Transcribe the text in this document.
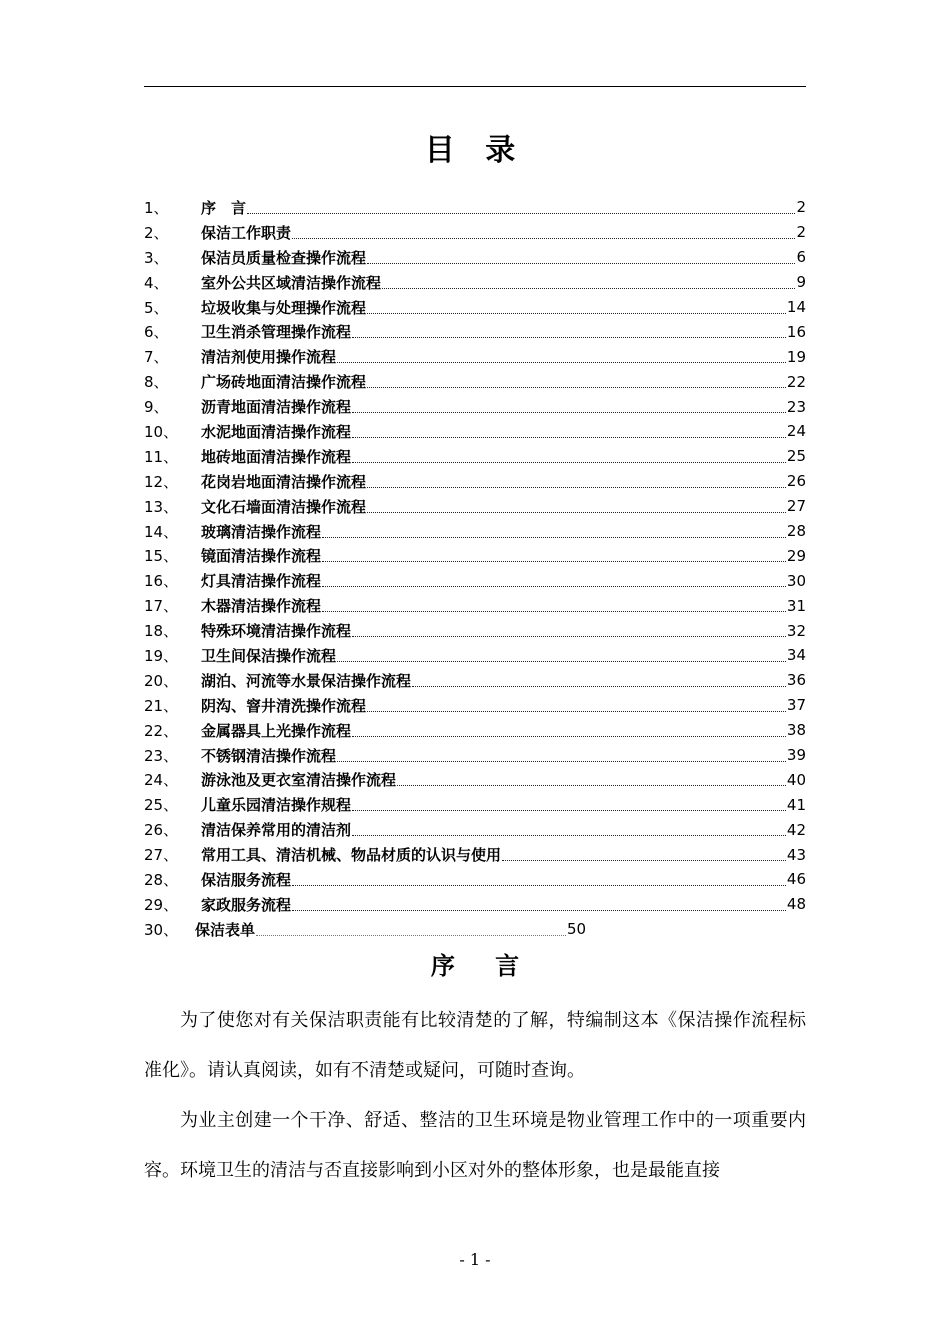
目 录
1、	序　言	2
2、	保洁工作职责	2
3、	保洁员质量检查操作流程	6
4、	室外公共区域清洁操作流程	9
5、	垃圾收集与处理操作流程	14
6、	卫生消杀管理操作流程	16
7、	清洁剂使用操作流程	19
8、	广场砖地面清洁操作流程	22
9、	沥青地面清洁操作流程	23
10、	水泥地面清洁操作流程	24
11、	地砖地面清洁操作流程	25
12、	花岗岩地面清洁操作流程	26
13、	文化石墙面清洁操作流程	27
14、	玻璃清洁操作流程	28
15、	镜面清洁操作流程	29
16、	灯具清洁操作流程	30
17、	木器清洁操作流程	31
18、	特殊环境清洁操作流程	32
19、	卫生间保洁操作流程	34
20、	湖泊、河流等水景保洁操作流程	36
21、	阴沟、窨井清洗操作流程	37
22、	金属器具上光操作流程	38
23、	不锈钢清洁操作流程	39
24、	游泳池及更衣室清洁操作流程	40
25、	儿童乐园清洁操作规程	41
26、	清洁保养常用的清洁剂	42
27、	常用工具、清洁机械、物品材质的认识与使用	43
28、	保洁服务流程	46
29、	家政服务流程	48
30、	保洁表单	50
序 言

为了使您对有关保洁职责能有比较清楚的了解，特编制这本《保洁操作流程标准化》。请认真阅读，如有不清楚或疑问，可随时查询。

为业主创建一个干净、舒适、整洁的卫生环境是物业管理工作中的一项重要内容。环境卫生的清洁与否直接影响到小区对外的整体形象，也是最能直接

- 1 -
